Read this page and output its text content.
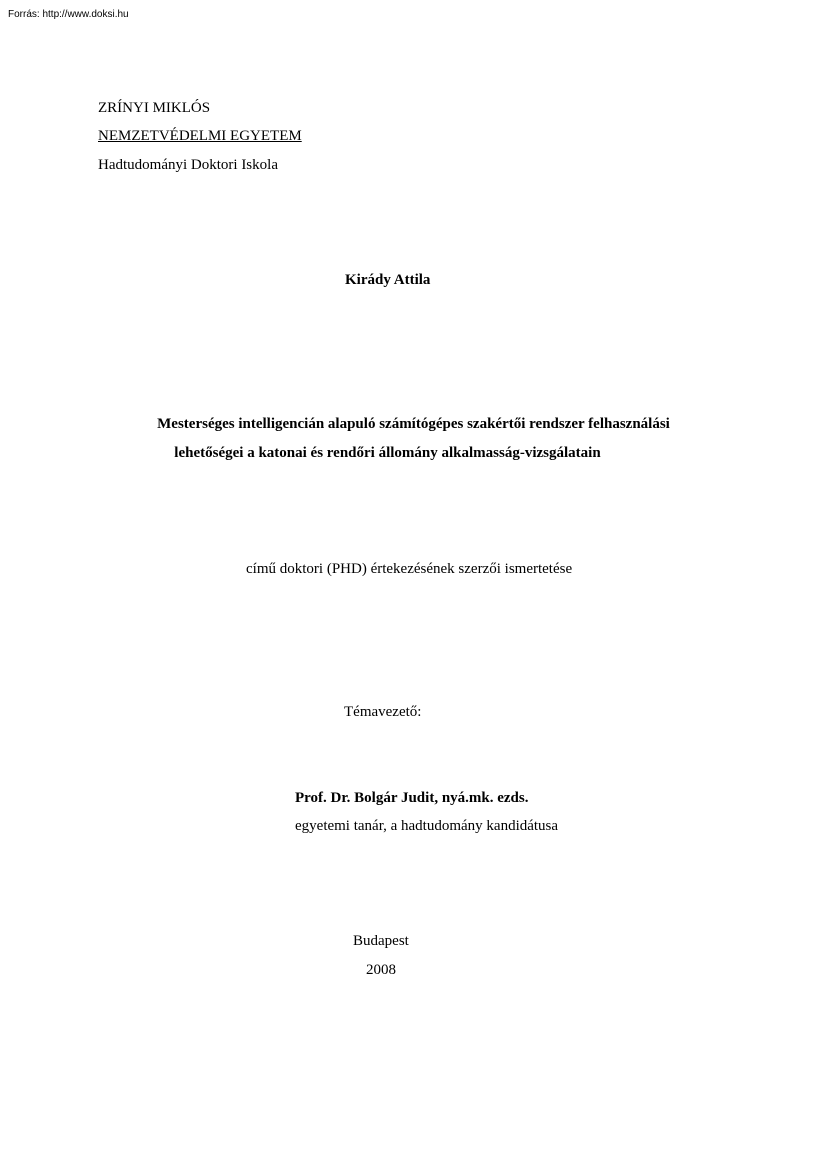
Forrás: http://www.doksi.hu
ZRÍNYI MIKLÓS
NEMZETVÉDELMI EGYETEM
Hadtudományi Doktori Iskola
Kirády Attila
Mesterséges intelligencián alapuló számítógépes szakértői rendszer felhasználási
lehetőségei a katonai és rendőri állomány alkalmasság-vizsgálatain
című doktori (PHD) értekezésének szerzői ismertetése
Témavezető:
Prof. Dr. Bolgár Judit, nyá.mk. ezds.
egyetemi tanár, a hadtudomány kandidátusa
Budapest
2008
